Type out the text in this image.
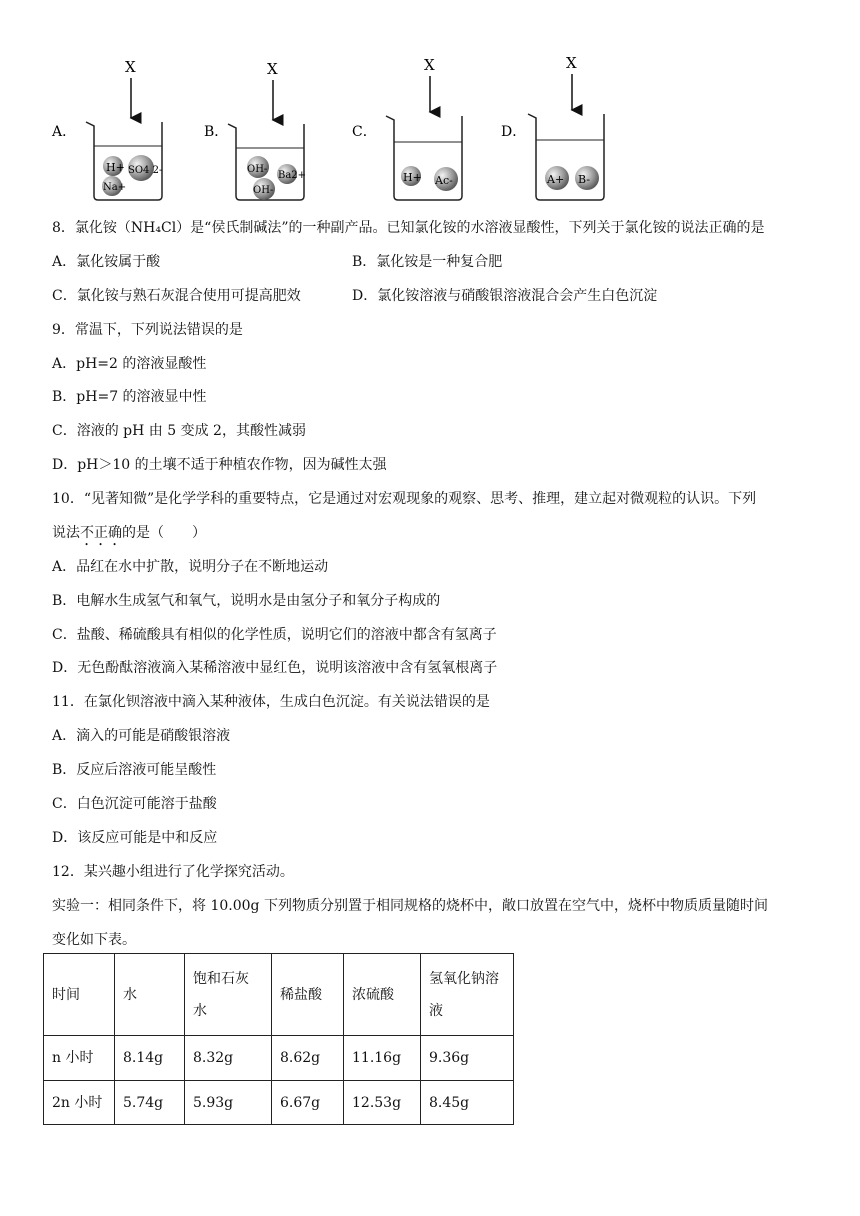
A．
X
H+ SO4 2-
Na+
B．
X
OH-
Ba2+
OH-
C．
X
H+ Ac-
D．
X
A+ B-
8．氯化铵（NH₄Cl）是“侯氏制碱法”的一种副产品。已知氯化铵的水溶液显酸性，下列关于氯化铵的说法正确的是
A．氯化铵属于酸	B．氯化铵是一种复合肥
C．氯化铵与熟石灰混合使用可提高肥效	D．氯化铵溶液与硝酸银溶液混合会产生白色沉淀
9．常温下，下列说法错误的是
A．pH=2 的溶液显酸性
B．pH=7 的溶液显中性
C．溶液的 pH 由 5 变成 2，其酸性减弱
D．pH＞10 的土壤不适于种植农作物，因为碱性太强
10．“见著知微”是化学学科的重要特点，它是通过对宏观现象的观察、思考、推理，建立起对微观粒的认识。下列
说法不正确的是（　　）
A．品红在水中扩散，说明分子在不断地运动
B．电解水生成氢气和氧气，说明水是由氢分子和氧分子构成的
C．盐酸、稀硫酸具有相似的化学性质，说明它们的溶液中都含有氢离子
D．无色酚酞溶液滴入某稀溶液中显红色，说明该溶液中含有氢氧根离子
11．在氯化钡溶液中滴入某种液体，生成白色沉淀。有关说法错误的是
A．滴入的可能是硝酸银溶液
B．反应后溶液可能呈酸性
C．白色沉淀可能溶于盐酸
D．该反应可能是中和反应
12．某兴趣小组进行了化学探究活动。
实验一：相同条件下，将 10.00g 下列物质分别置于相同规格的烧杯中，敞口放置在空气中，烧杯中物质质量随时间
变化如下表。
时间	水	饱和石灰
水	稀盐酸	浓硫酸	氢氧化钠溶
液
n 小时	8.14g	8.32g	8.62g	11.16g	9.36g
2n 小时	5.74g	5.93g	6.67g	12.53g	8.45g
